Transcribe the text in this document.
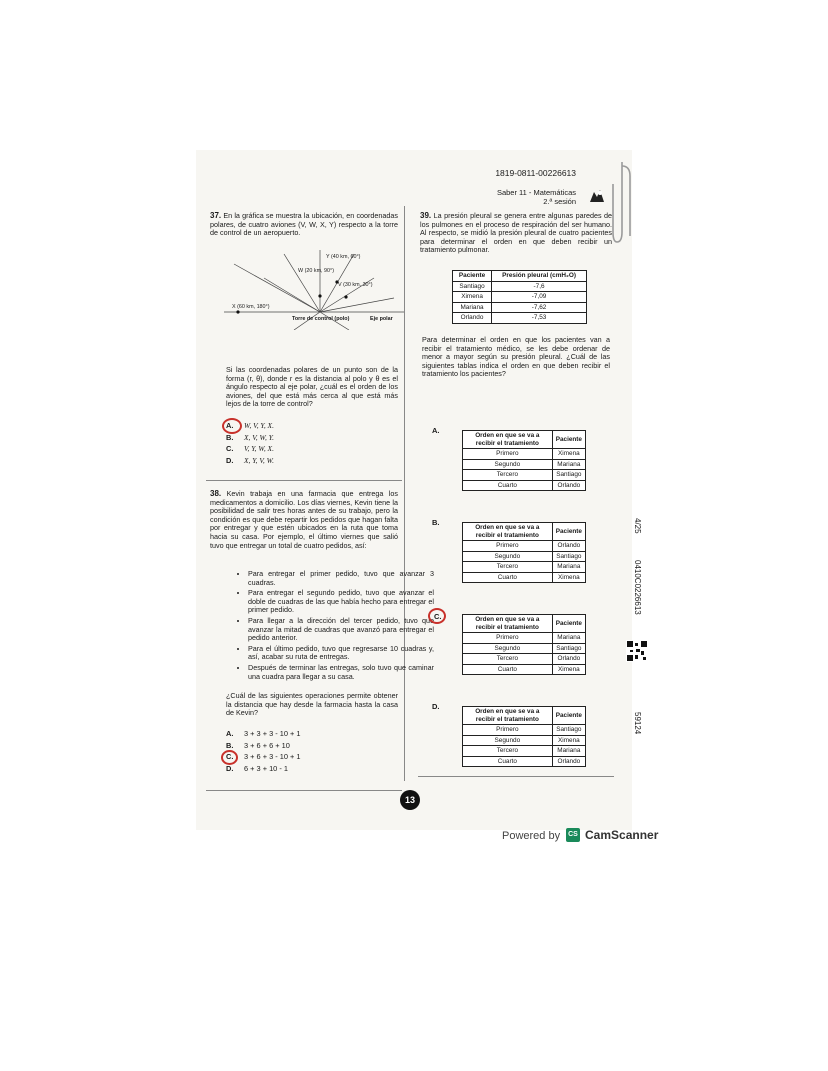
1819-0811-00226613
Saber 11 - Matemáticas
2.ª sesión
37. En la gráfica se muestra la ubicación, en coordenadas polares, de cuatro aviones (V, W, X, Y) respecto a la torre de control de un aeropuerto.
Y (40 km, 60°)
W (20 km, 90°)
V (30 km, 30°)
X (60 km, 180°)
Torre de control (polo)	Eje polar
Si las coordenadas polares de un punto son de la forma (r, θ), donde r es la distancia al polo y θ es el ángulo respecto al eje polar, ¿cuál es el orden de los aviones, del que está más cerca al que está más lejos de la torre de control?
A. W, V, Y, X.
B. X, V, W, Y.
C. V, Y, W, X.
D. X, Y, V, W.
38. Kevin trabaja en una farmacia que entrega los medicamentos a domicilio. Los días viernes, Kevin tiene la posibilidad de salir tres horas antes de su trabajo, pero la condición es que debe repartir los pedidos que hagan falta por entregar y que estén ubicados en la ruta que toma hacia su casa. Por ejemplo, el último viernes que salió tuvo que entregar un total de cuatro pedidos, así:
• Para entregar el primer pedido, tuvo que avanzar 3 cuadras.
• Para entregar el segundo pedido, tuvo que avanzar el doble de cuadras de las que había hecho para entregar el primer pedido.
• Para llegar a la dirección del tercer pedido, tuvo que avanzar la mitad de cuadras que avanzó para entregar el pedido anterior.
• Para el último pedido, tuvo que regresarse 10 cuadras y, así, acabar su ruta de entregas.
• Después de terminar las entregas, solo tuvo que caminar una cuadra para llegar a su casa.
¿Cuál de las siguientes operaciones permite obtener la distancia que hay desde la farmacia hasta la casa de Kevin?
A. 3 + 3 + 3 - 10 + 1
B. 3 + 6 + 6 + 10
C. 3 + 6 + 3 - 10 + 1
D. 6 + 3 + 10 - 1
39. La presión pleural se genera entre algunas paredes de los pulmones en el proceso de respiración del ser humano. Al respecto, se midió la presión pleural de cuatro pacientes para determinar el orden en que deben recibir un tratamiento pulmonar.
Paciente	Presión pleural (cmH₂O)
Santiago	-7,6
Ximena	-7,09
Mariana	-7,62
Orlando	-7,53
Para determinar el orden en que los pacientes van a recibir el tratamiento médico, se les debe ordenar de menor a mayor según su presión pleural. ¿Cuál de las siguientes tablas indica el orden en que deben recibir el tratamiento los pacientes?
A.
Orden en que se va a recibir el tratamiento	Paciente
Primero	Ximena
Segundo	Mariana
Tercero	Santiago
Cuarto	Orlando
B.
Orden en que se va a recibir el tratamiento	Paciente
Primero	Orlando
Segundo	Santiago
Tercero	Mariana
Cuarto	Ximena
C.	Orden en que se va a recibir el tratamiento	Paciente
Primero	Mariana
Segundo	Santiago
Tercero	Orlando
Cuarto	Ximena
D.
Orden en que se va a recibir el tratamiento	Paciente
Primero	Santiago
Segundo	Ximena
Tercero	Mariana
Cuarto	Orlando
13
4/25
0410C0226613
59124
Powered by	CS CamScanner
